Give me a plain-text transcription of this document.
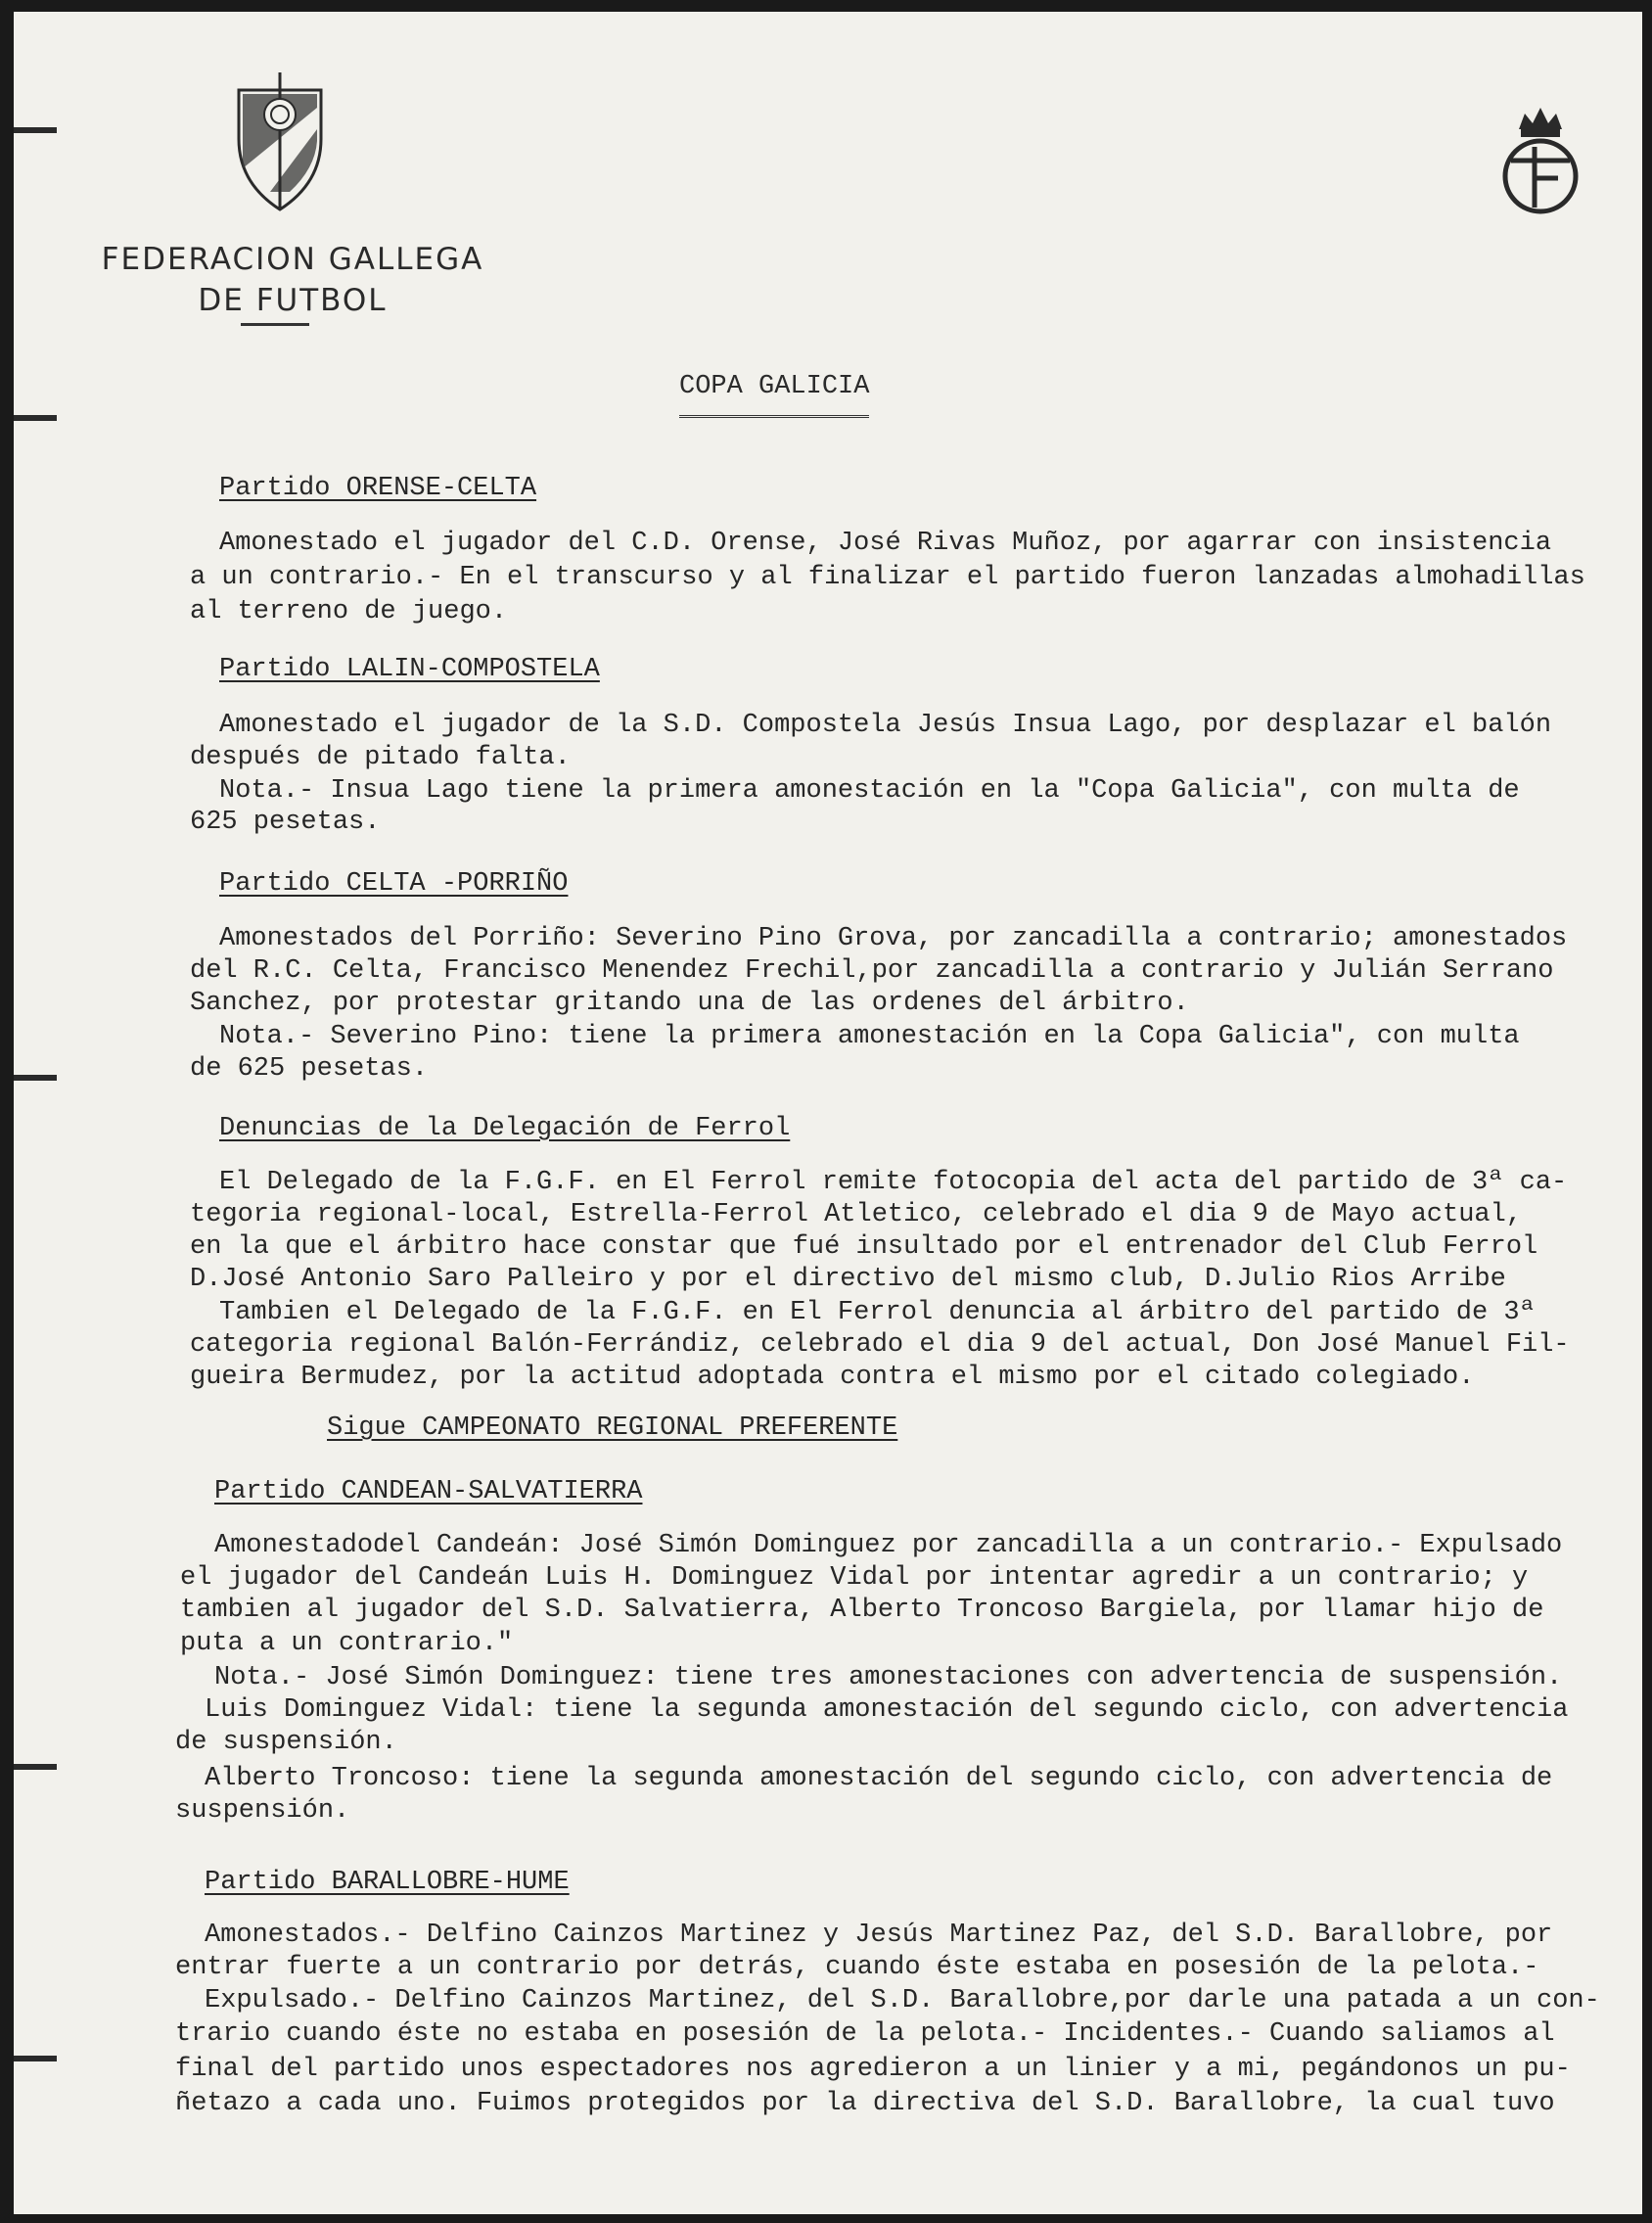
FEDERACION GALLEGA
DE FUTBOL
COPA GALICIA
Partido ORENSE-CELTA
Amonestado el jugador del C.D. Orense, José Rivas Muñoz, por agarrar con insistencia
a un contrario.- En el transcurso y al finalizar el partido fueron lanzadas almohadillas
al terreno de juego.
Partido LALIN-COMPOSTELA
Amonestado el jugador de la S.D. Compostela Jesús Insua Lago, por desplazar el balón
después de pitado falta.
Nota.- Insua Lago tiene la primera amonestación en la "Copa Galicia", con multa de
625 pesetas.
Partido CELTA -PORRIÑO
Amonestados del Porriño: Severino Pino Grova, por zancadilla a contrario; amonestados
del R.C. Celta, Francisco Menendez Frechil,por zancadilla a contrario y Julián Serrano
Sanchez, por protestar gritando una de las ordenes del árbitro.
Nota.- Severino Pino: tiene la primera amonestación en la Copa Galicia", con multa
de 625 pesetas.
Denuncias de la Delegación de Ferrol
El Delegado de la F.G.F. en El Ferrol remite fotocopia del acta del partido de 3ª ca-
tegoria regional-local, Estrella-Ferrol Atletico, celebrado el dia 9 de Mayo actual,
en la que el árbitro hace constar que fué insultado por el entrenador del Club Ferrol
D.José Antonio Saro Palleiro y por el directivo del mismo club, D.Julio Rios Arribe
Tambien el Delegado de la F.G.F. en El Ferrol denuncia al árbitro del partido de 3ª
categoria regional Balón-Ferrándiz, celebrado el dia 9 del actual, Don José Manuel Fil-
gueira Bermudez, por la actitud adoptada contra el mismo por el citado colegiado.
Sigue CAMPEONATO REGIONAL PREFERENTE
Partido CANDEAN-SALVATIERRA
Amonestadodel Candeán: José Simón Dominguez por zancadilla a un contrario.- Expulsado
el jugador del Candeán Luis H. Dominguez Vidal por intentar agredir a un contrario; y
tambien al jugador del S.D. Salvatierra, Alberto Troncoso Bargiela, por llamar hijo de
puta a un contrario."
Nota.- José Simón Dominguez: tiene tres amonestaciones con advertencia de suspensión.
Luis Dominguez Vidal: tiene la segunda amonestación del segundo ciclo, con advertencia
de suspensión.
Alberto Troncoso: tiene la segunda amonestación del segundo ciclo, con advertencia de
suspensión.
Partido BARALLOBRE-HUME
Amonestados.- Delfino Cainzos Martinez y Jesús Martinez Paz, del S.D. Barallobre, por
entrar fuerte a un contrario por detrás, cuando éste estaba en posesión de la pelota.-
Expulsado.- Delfino Cainzos Martinez, del S.D. Barallobre,por darle una patada a un con-
trario cuando éste no estaba en posesión de la pelota.- Incidentes.- Cuando saliamos al
final del partido unos espectadores nos agredieron a un linier y a mi, pegándonos un pu-
ñetazo a cada uno. Fuimos protegidos por la directiva del S.D. Barallobre, la cual tuvo
